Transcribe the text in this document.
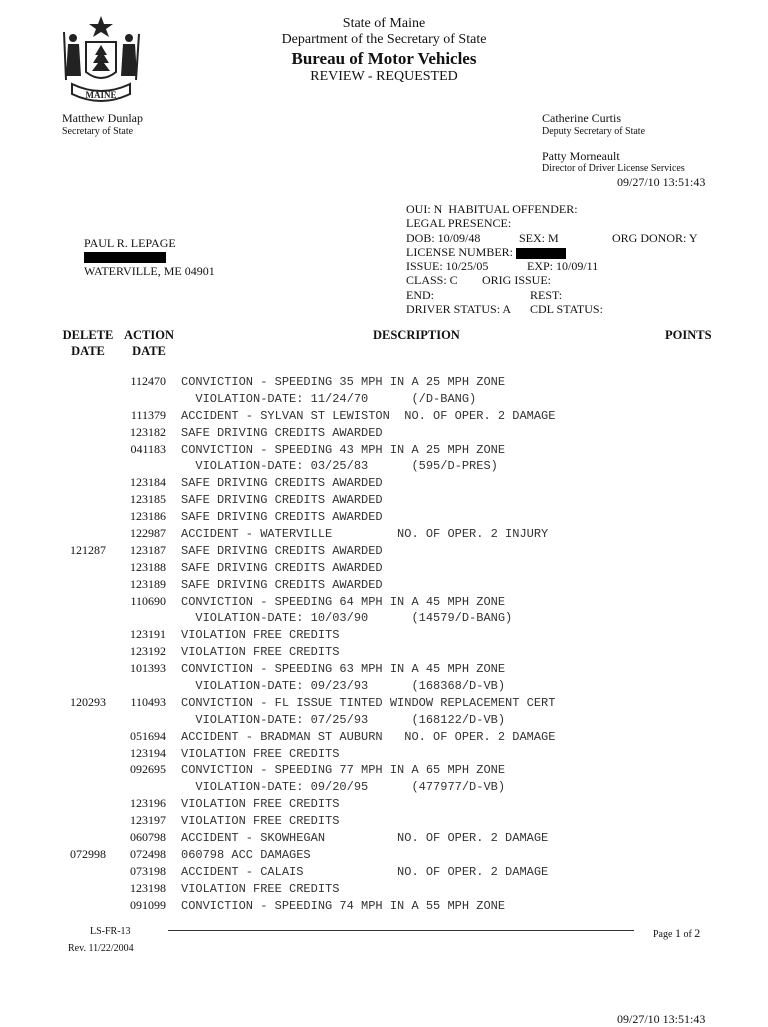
MAINE
State of Maine
Department of the Secretary of State
Bureau of Motor Vehicles
REVIEW - REQUESTED
Matthew Dunlap
Secretary of State
Catherine Curtis
Deputy Secretary of State
Patty Morneault
Director of Driver License Services
09/27/10 13:51:43
PAUL R. LEPAGE
WATERVILLE, ME 04901
OUI: N HABITUAL OFFENDER:
LEGAL PRESENCE:
DOB: 10/09/48	SEX: M	ORG DONOR: Y
LICENSE NUMBER:
ISSUE: 10/25/05	EXP: 10/09/11
CLASS: C ORIG ISSUE:
END:	REST:
DRIVER STATUS: A CDL STATUS:
DELETE
DATE
ACTION
DATE
DESCRIPTION	POINTS
112470 CONVICTION - SPEEDING 35 MPH IN A 25 MPH ZONE
VIOLATION-DATE: 11/24/70      (/D-BANG)
111379 ACCIDENT - SYLVAN ST LEWISTON  NO. OF OPER. 2 DAMAGE
123182 SAFE DRIVING CREDITS AWARDED
041183 CONVICTION - SPEEDING 43 MPH IN A 25 MPH ZONE
VIOLATION-DATE: 03/25/83      (595/D-PRES)
123184 SAFE DRIVING CREDITS AWARDED
123185 SAFE DRIVING CREDITS AWARDED
123186 SAFE DRIVING CREDITS AWARDED
122987 ACCIDENT - WATERVILLE         NO. OF OPER. 2 INJURY
121287	123187 SAFE DRIVING CREDITS AWARDED
123188 SAFE DRIVING CREDITS AWARDED
123189 SAFE DRIVING CREDITS AWARDED
110690 CONVICTION - SPEEDING 64 MPH IN A 45 MPH ZONE
VIOLATION-DATE: 10/03/90      (14579/D-BANG)
123191 VIOLATION FREE CREDITS
123192 VIOLATION FREE CREDITS
101393 CONVICTION - SPEEDING 63 MPH IN A 45 MPH ZONE
VIOLATION-DATE: 09/23/93      (168368/D-VB)
120293	110493 CONVICTION - FL ISSUE TINTED WINDOW REPLACEMENT CERT
VIOLATION-DATE: 07/25/93      (168122/D-VB)
051694 ACCIDENT - BRADMAN ST AUBURN   NO. OF OPER. 2 DAMAGE
123194 VIOLATION FREE CREDITS
092695 CONVICTION - SPEEDING 77 MPH IN A 65 MPH ZONE
VIOLATION-DATE: 09/20/95      (477977/D-VB)
123196 VIOLATION FREE CREDITS
123197 VIOLATION FREE CREDITS
060798 ACCIDENT - SKOWHEGAN          NO. OF OPER. 2 DAMAGE
072998	072498 060798 ACC DAMAGES
073198 ACCIDENT - CALAIS             NO. OF OPER. 2 DAMAGE
123198 VIOLATION FREE CREDITS
091099 CONVICTION - SPEEDING 74 MPH IN A 55 MPH ZONE
LS-FR-13	Page 1 of 2
Rev. 11/22/2004
09/27/10 13:51:43
